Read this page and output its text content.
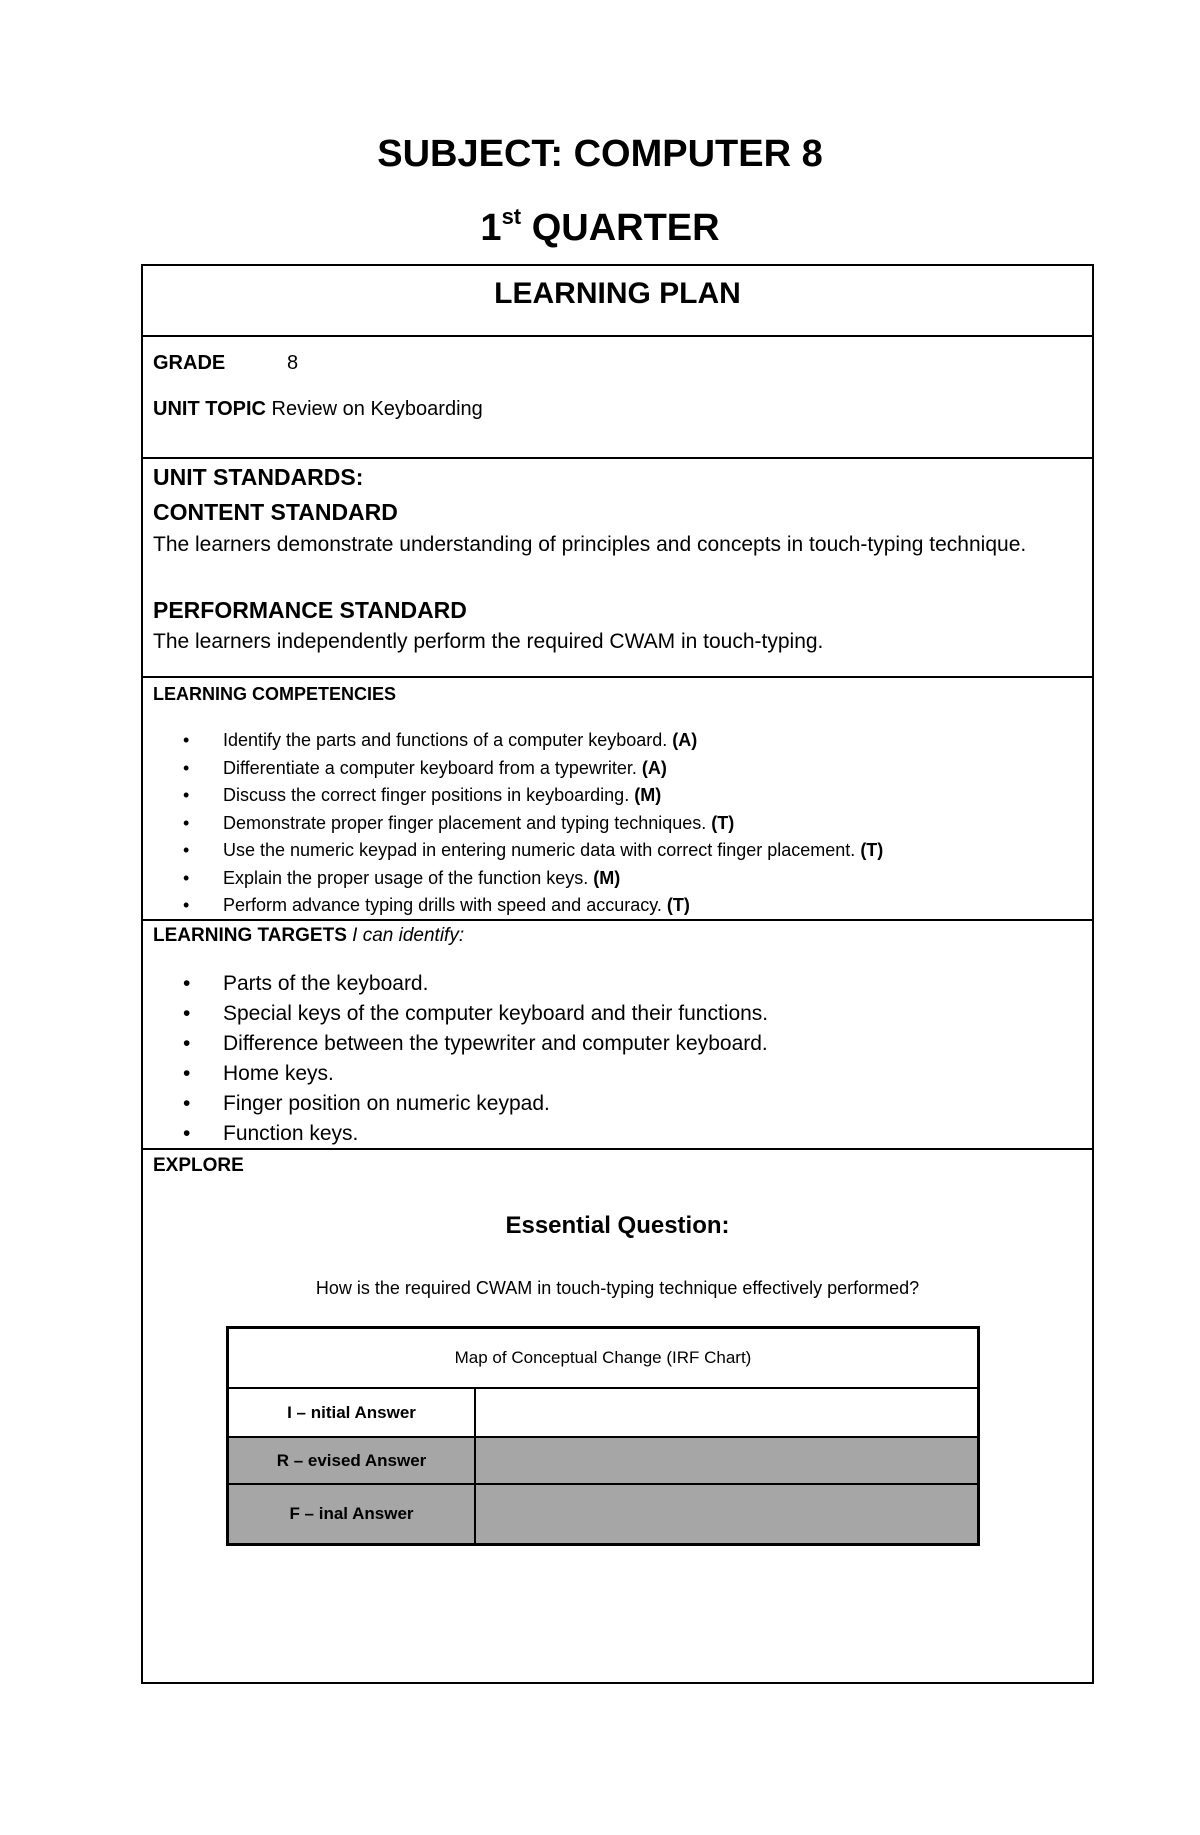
SUBJECT: COMPUTER 8
1st QUARTER
LEARNING PLAN
GRADE	8
UNIT TOPIC Review on Keyboarding
UNIT STANDARDS:
CONTENT STANDARD
The learners demonstrate understanding of principles and concepts in touch-typing technique.
PERFORMANCE STANDARD
The learners independently perform the required CWAM in touch-typing.
LEARNING COMPETENCIES
• Identify the parts and functions of a computer keyboard. (A)
• Differentiate a computer keyboard from a typewriter. (A)
• Discuss the correct finger positions in keyboarding. (M)
• Demonstrate proper finger placement and typing techniques. (T)
• Use the numeric keypad in entering numeric data with correct finger placement. (T)
• Explain the proper usage of the function keys. (M)
• Perform advance typing drills with speed and accuracy. (T)
LEARNING TARGETS I can identify:
• Parts of the keyboard.
• Special keys of the computer keyboard and their functions.
• Difference between the typewriter and computer keyboard.
• Home keys.
• Finger position on numeric keypad.
• Function keys.
EXPLORE
Essential Question:
How is the required CWAM in touch-typing technique effectively performed?
Map of Conceptual Change (IRF Chart)	
I – nitial Answer	
R – evised Answer	
F – inal Answer	
